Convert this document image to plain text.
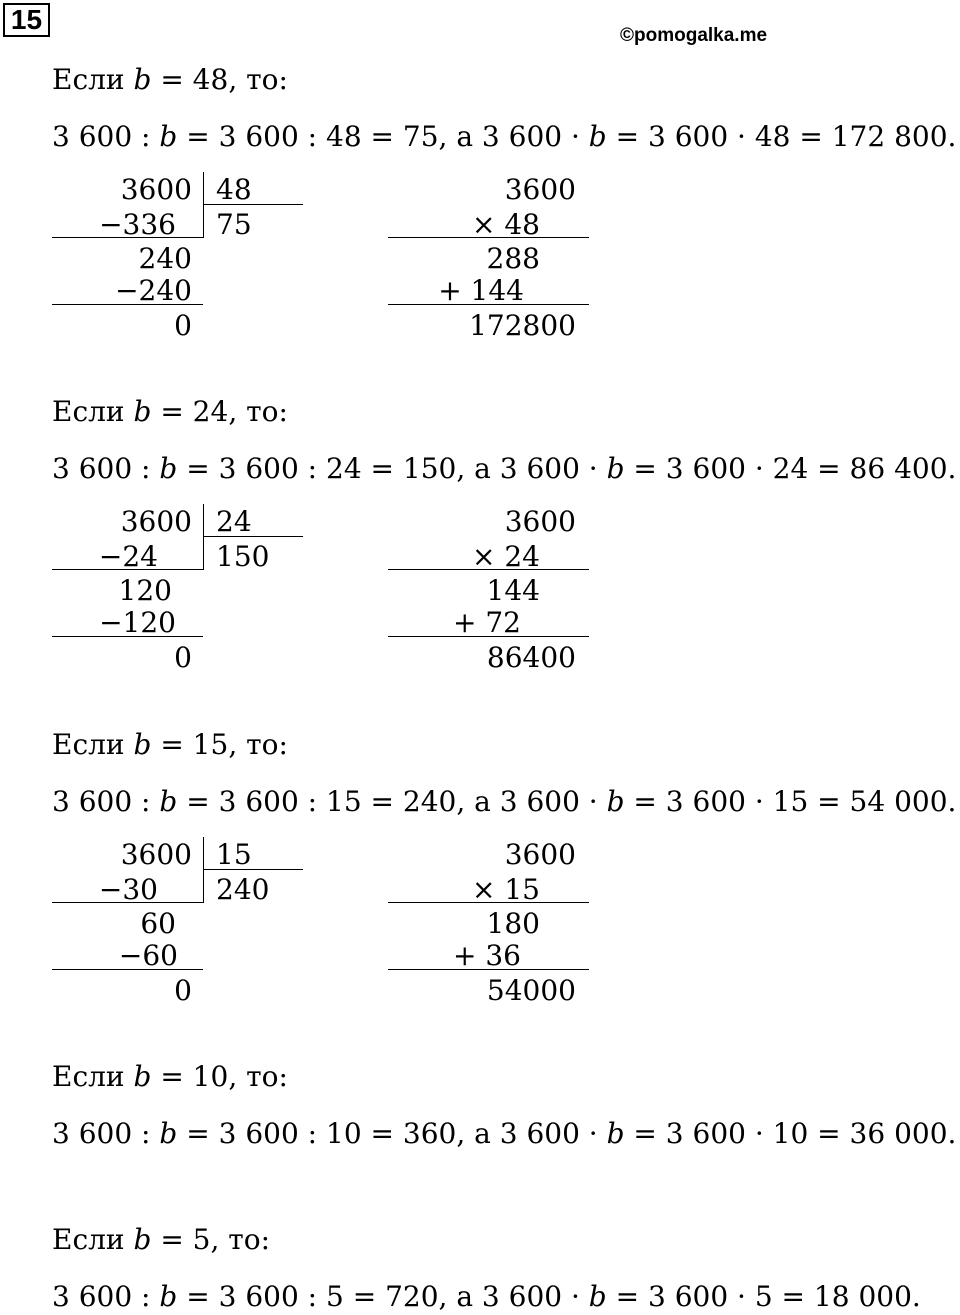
15
©pomogalka.me
Если b = 48, то:
3 600 : b = 3 600 : 48 = 75, а 3 600 · b = 3 600 · 48 = 172 800.
3600 48
75
−336
240
−240
0
3600
× 48
288
+ 144
172800
Если b = 24, то:
3 600 : b = 3 600 : 24 = 150, а 3 600 · b = 3 600 · 24 = 86 400.
3600 24
150
−24
120
−120
0
3600
× 24
144
+ 72
86400
Если b = 15, то:
3 600 : b = 3 600 : 15 = 240, а 3 600 · b = 3 600 · 15 = 54 000.
3600 15
240
−30
60
−60
0
3600
× 15
180
+ 36
54000
Если b = 10, то:
3 600 : b = 3 600 : 10 = 360, а 3 600 · b = 3 600 · 10 = 36 000.
Если b = 5, то:
3 600 : b = 3 600 : 5 = 720, а 3 600 · b = 3 600 · 5 = 18 000.
